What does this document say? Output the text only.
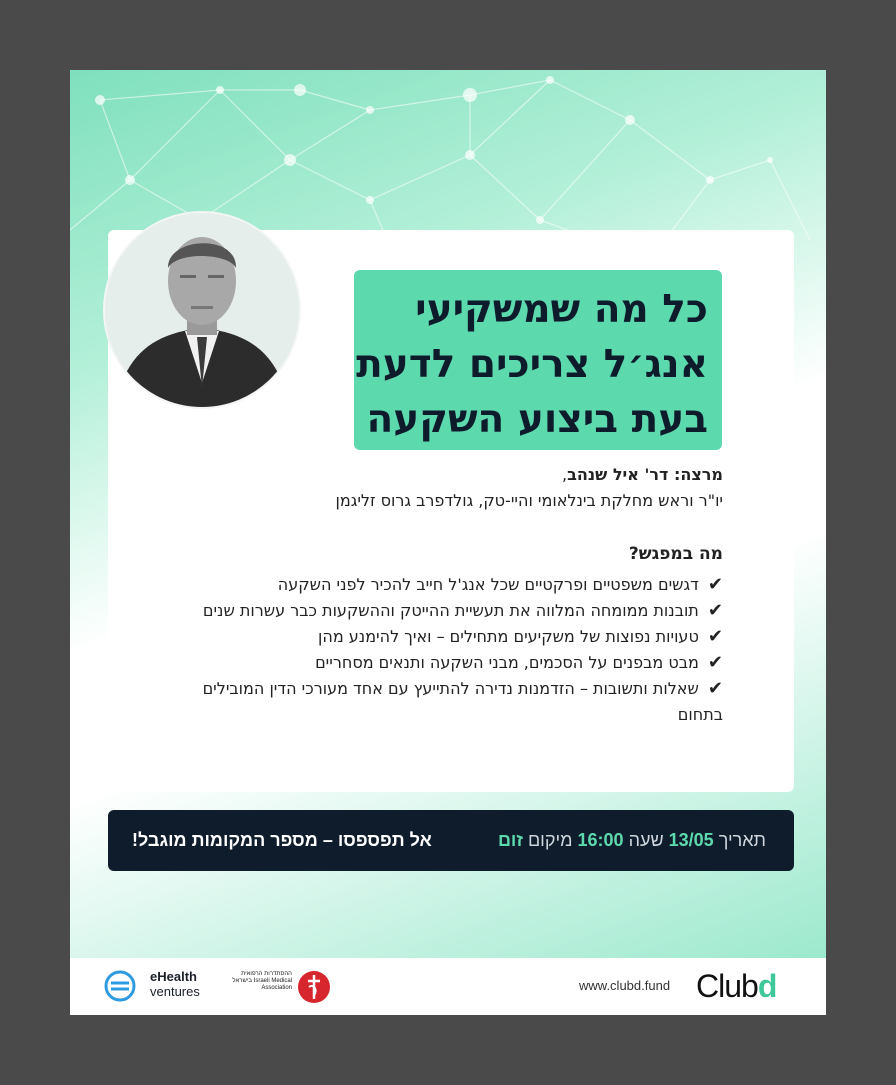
כל מה שמשקיעי
אנג׳ל צריכים לדעת
בעת ביצוע השקעה

מרצה: דר' איל שנהב,

יו"ר וראש מחלקת בינלאומי והיי-טק, גולדפרב גרוס זליגמן

מה במפגש?
✔ דגשים משפטיים ופרקטיים שכל אנג'ל חייב להכיר לפני השקעה
✔ תובנות ממומחה המלווה את תעשיית ההייטק וההשקעות כבר עשרות שנים
✔ טעויות נפוצות של משקיעים מתחילים – ואיך להימנע מהן
✔ מבט מבפנים על הסכמים, מבני השקעה ותנאים מסחריים
✔ שאלות ותשובות – הזדמנות נדירה להתייעץ עם אחד מעורכי הדין המובילים בתחום
תאריך 13/05 שעה 16:00 מיקום זום
אל תפספסו – מספר המקומות מוגבל!
eHealth
ventures
ההסתדרות הרפואית בישראל Israeli Medical Association	www.clubd.fund Clubd
